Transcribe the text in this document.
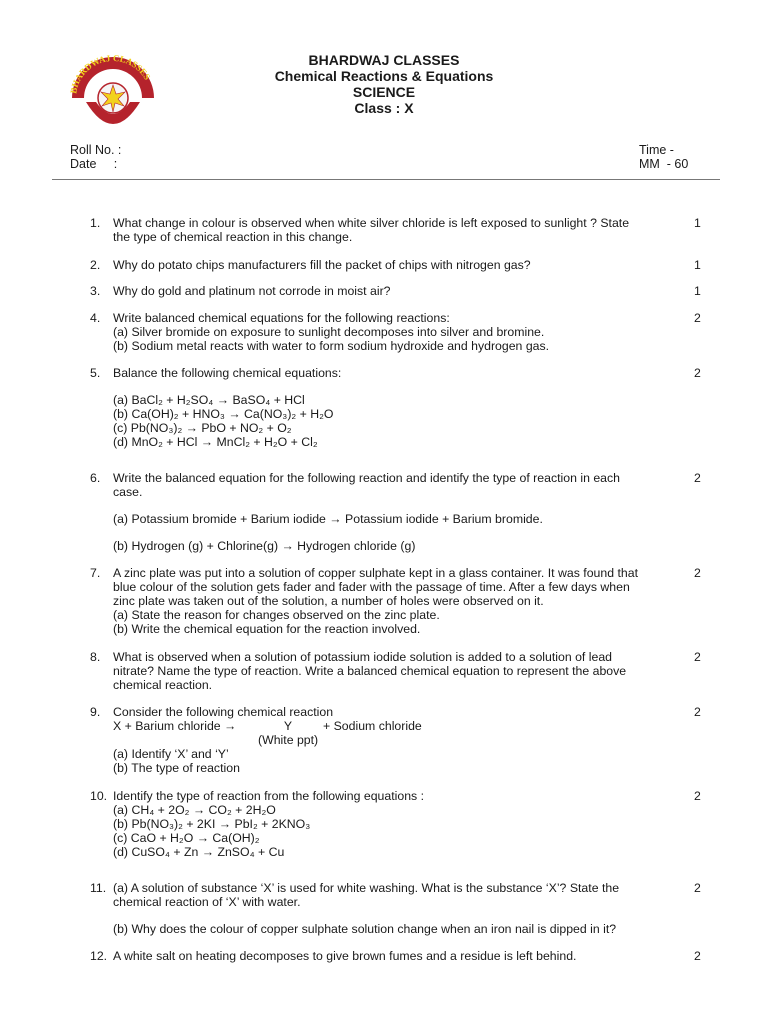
BHARDWAJ CLASSES
BHARDWAJ CLASSES
Chemical Reactions & Equations
SCIENCE
Class : X
Roll No. :
Date     :
Time -
MM  - 60
1.	What change in colour is observed when white silver chloride is left exposed to sunlight ? State
the type of chemical reaction in this change.
1
2.	Why do potato chips manufacturers fill the packet of chips with nitrogen gas?	1
3.	Why do gold and platinum not corrode in moist air?	1
4.	Write balanced chemical equations for the following reactions:
(a) Silver bromide on exposure to sunlight decomposes into silver and bromine.
(b) Sodium metal reacts with water to form sodium hydroxide and hydrogen gas.
2
5.	Balance the following chemical equations:
(a) BaCl₂ + H₂SO₄ → BaSO₄ + HCl
(b) Ca(OH)₂ + HNO₃ → Ca(NO₃)₂ + H₂O
(c) Pb(NO₃)₂ → PbO + NO₂ + O₂
(d) MnO₂ + HCl → MnCl₂ + H₂O + Cl₂
2
6.	Write the balanced equation for the following reaction and identify the type of reaction in each
case.
(a) Potassium bromide + Barium iodide → Potassium iodide + Barium bromide.
(b) Hydrogen (g) + Chlorine(g) → Hydrogen chloride (g)
2
7.	A zinc plate was put into a solution of copper sulphate kept in a glass container. It was found that
blue colour of the solution gets fader and fader with the passage of time. After a few days when
zinc plate was taken out of the solution, a number of holes were observed on it.
(a) State the reason for changes observed on the zinc plate.
(b) Write the chemical equation for the reaction involved.
2
8.	What is observed when a solution of potassium iodide solution is added to a solution of lead
nitrate? Name the type of reaction. Write a balanced chemical equation to represent the above
chemical reaction.
2
9.	Consider the following chemical reaction
X + Barium chloride →	Y	+ Sodium chloride
(White ppt)
(a) Identify ‘X’ and ‘Y’
(b) The type of reaction
2
10. Identify the type of reaction from the following equations :
(a) CH₄ + 2O₂ → CO₂ + 2H₂O
(b) Pb(NO₃)₂ + 2KI → PbI₂ + 2KNO₃
(c) CaO + H₂O → Ca(OH)₂
(d) CuSO₄ + Zn → ZnSO₄ + Cu
2
11. (a) A solution of substance ‘X’ is used for white washing. What is the substance ‘X’? State the
chemical reaction of ‘X’ with water.
(b) Why does the colour of copper sulphate solution change when an iron nail is dipped in it?
2
12. A white salt on heating decomposes to give brown fumes and a residue is left behind.	2
